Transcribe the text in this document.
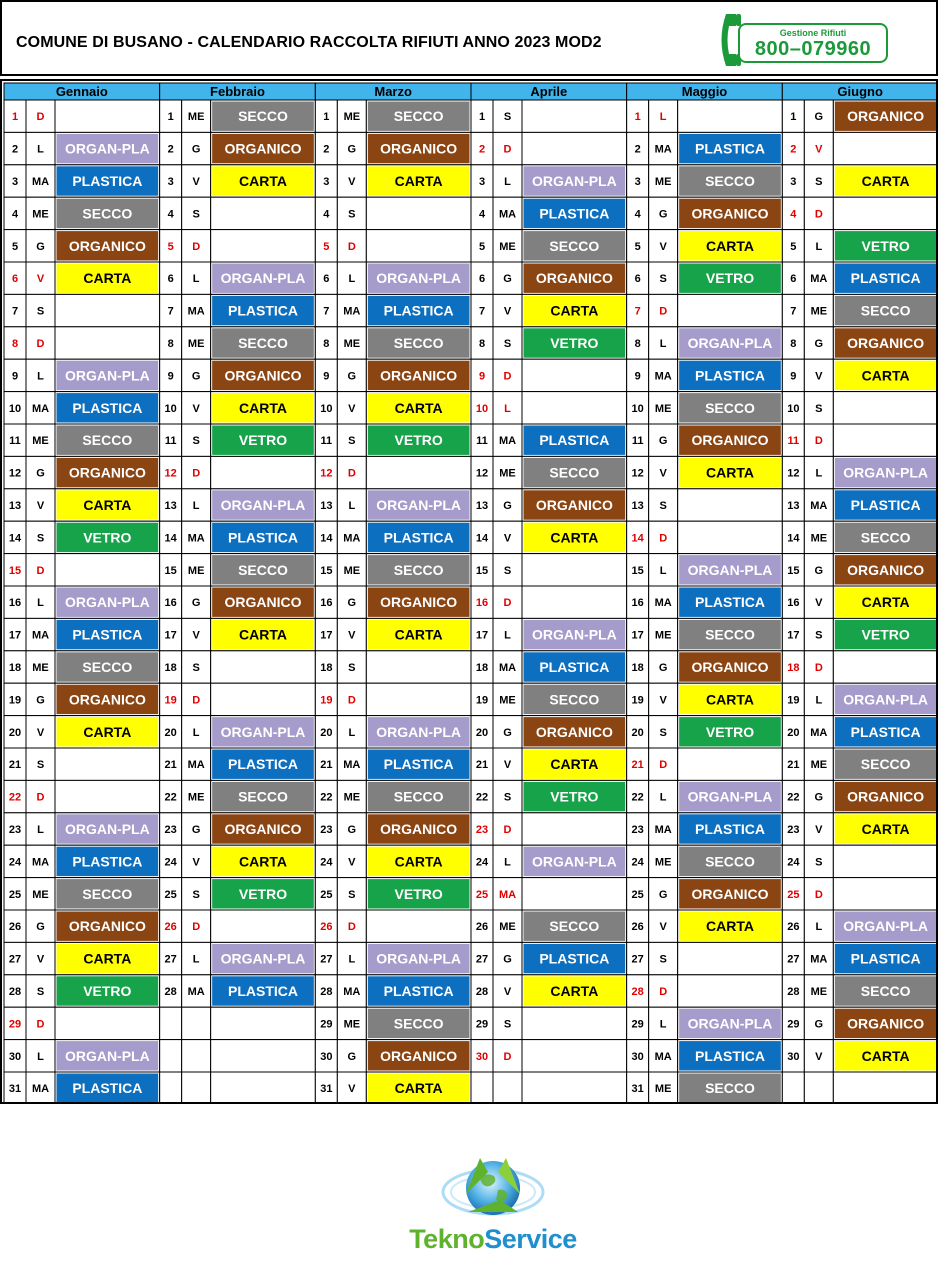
COMUNE DI BUSANO - CALENDARIO RACCOLTA RIFIUTI ANNO 2023 MOD2
Gestione Rifiuti
800–079960
Gennaio
1 D
2 L ORGAN-PLA
3 MA PLASTICA
4 ME SECCO
5 G ORGANICO
6 V	CARTA
7 S
8 D
9 L ORGAN-PLA
10 MA PLASTICA
11 ME SECCO
12 G ORGANICO
13 V	CARTA
14 S	VETRO
15 D
16 L ORGAN-PLA
17 MA PLASTICA
18 ME SECCO
19 G ORGANICO
20 V	CARTA
21 S
22 D
23 L ORGAN-PLA
24 MA PLASTICA
25 ME SECCO
26 G ORGANICO
27 V	CARTA
28 S	VETRO
29 D
30 L ORGAN-PLA
31 MA PLASTICA
Febbraio
1 ME SECCO
2 G ORGANICO
3 V	CARTA
4 S
5 D
6 L ORGAN-PLA
7 MA PLASTICA
8 ME SECCO
9 G ORGANICO
10 V	CARTA
11 S	VETRO
12 D
13 L ORGAN-PLA
14 MA PLASTICA
15 ME SECCO
16 G ORGANICO
17 V	CARTA
18 S
19 D
20 L ORGAN-PLA
21 MA PLASTICA
22 ME SECCO
23 G ORGANICO
24 V	CARTA
25 S	VETRO
26 D
27 L ORGAN-PLA
28 MA PLASTICA
Marzo
1 ME SECCO
2 G ORGANICO
3 V	CARTA
4 S
5 D
6 L ORGAN-PLA
7 MA PLASTICA
8 ME SECCO
9 G ORGANICO
10 V	CARTA
11 S	VETRO
12 D
13 L ORGAN-PLA
14 MA PLASTICA
15 ME SECCO
16 G ORGANICO
17 V	CARTA
18 S
19 D
20 L ORGAN-PLA
21 MA PLASTICA
22 ME SECCO
23 G ORGANICO
24 V	CARTA
25 S	VETRO
26 D
27 L ORGAN-PLA
28 MA PLASTICA
29 ME SECCO
30 G ORGANICO
31 V	CARTA
Aprile
1 S
2 D
3 L ORGAN-PLA
4 MA PLASTICA
5 ME SECCO
6 G ORGANICO
7 V	CARTA
8 S	VETRO
9 D
10 L
11 MA PLASTICA
12 ME SECCO
13 G ORGANICO
14 V	CARTA
15 S
16 D
17 L ORGAN-PLA
18 MA PLASTICA
19 ME SECCO
20 G ORGANICO
21 V	CARTA
22 S	VETRO
23 D
24 L ORGAN-PLA
25 MA
26 ME SECCO
27 G PLASTICA
28 V	CARTA
29 S
30 D
Maggio
1 L
2 MA PLASTICA
3 ME SECCO
4 G ORGANICO
5 V	CARTA
6 S	VETRO
7 D
8 L ORGAN-PLA
9 MA PLASTICA
10 ME SECCO
11 G ORGANICO
12 V	CARTA
13 S
14 D
15 L ORGAN-PLA
16 MA PLASTICA
17 ME SECCO
18 G ORGANICO
19 V	CARTA
20 S	VETRO
21 D
22 L ORGAN-PLA
23 MA PLASTICA
24 ME SECCO
25 G ORGANICO
26 V	CARTA
27 S
28 D
29 L ORGAN-PLA
30 MA PLASTICA
31 ME SECCO
Giugno
1 G ORGANICO
2 V
3 S	CARTA
4 D
5 L	VETRO
6 MA PLASTICA
7 ME SECCO
8 G ORGANICO
9 V	CARTA
10 S
11 D
12 L ORGAN-PLA
13 MA PLASTICA
14 ME SECCO
15 G ORGANICO
16 V	CARTA
17 S	VETRO
18 D
19 L ORGAN-PLA
20 MA PLASTICA
21 ME SECCO
22 G ORGANICO
23 V	CARTA
24 S
25 D
26 L ORGAN-PLA
27 MA PLASTICA
28 ME SECCO
29 G ORGANICO
30 V	CARTA
TeknoService
